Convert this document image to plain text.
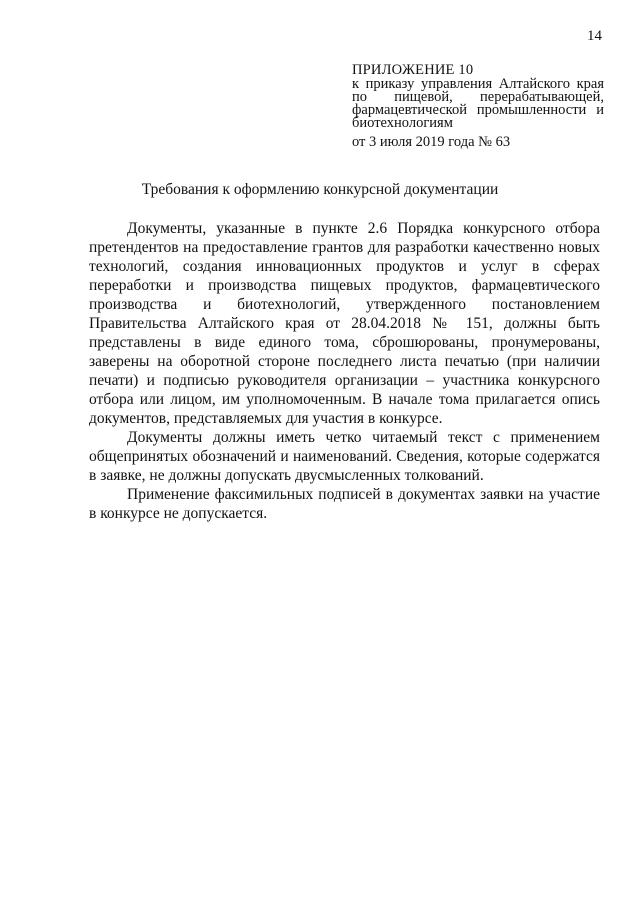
14
ПРИЛОЖЕНИЕ 10
к приказу управления Алтайского края по пищевой, перерабатывающей, фармацевтической промышленности и биотехнологиям
от 3 июля 2019 года № 63
Требования к оформлению конкурсной документации

Документы, указанные в пункте 2.6 Порядка конкурсного отбора претендентов на предоставление грантов для разработки качественно новых технологий, создания инновационных продуктов и услуг в сферах переработки и производства пищевых продуктов, фармацевтического производства и биотехнологий, утвержденного постановлением Правительства Алтайского края от 28.04.2018 № 151, должны быть представлены в виде единого тома, сброшюрованы, пронумерованы, заверены на оборотной стороне последнего листа печатью (при наличии печати) и подписью руководителя организации – участника конкурсного отбора или лицом, им уполномоченным. В начале тома прилагается опись документов, представляемых для участия в конкурсе.

Документы должны иметь четко читаемый текст с применением общепринятых обозначений и наименований. Сведения, которые содержатся в заявке, не должны допускать двусмысленных толкований.

Применение факсимильных подписей в документах заявки на участие в конкурсе не допускается.
